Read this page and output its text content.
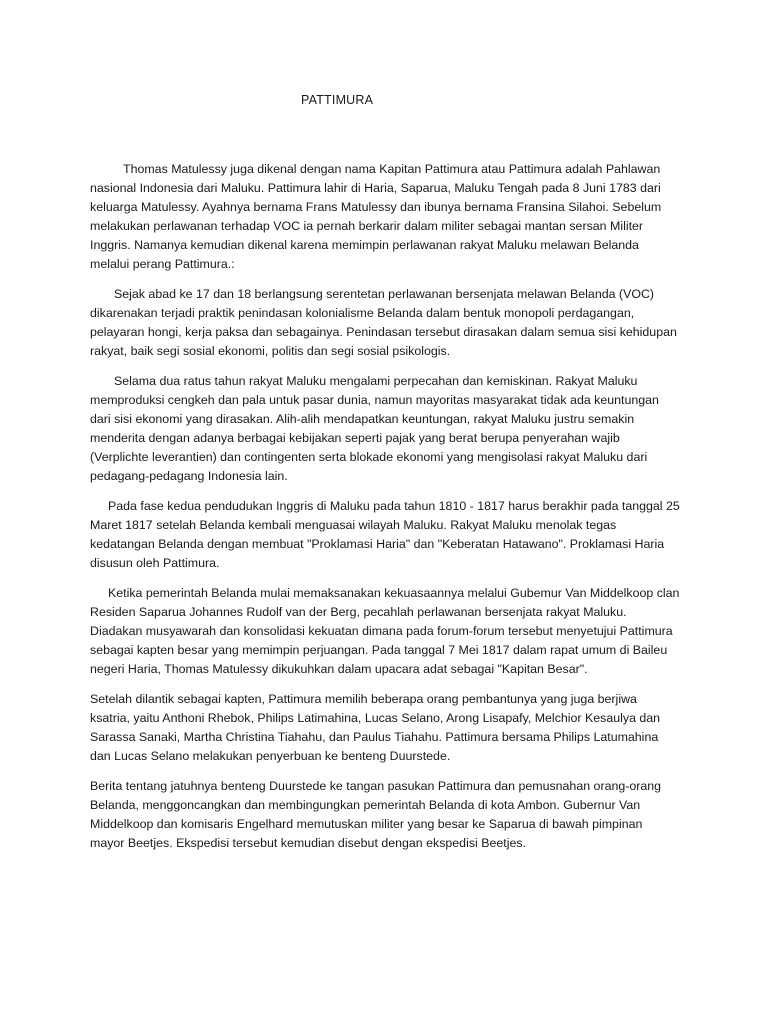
PATTIMURA

Thomas Matulessy juga dikenal dengan nama Kapitan Pattimura atau Pattimura adalah Pahlawan nasional Indonesia dari Maluku. Pattimura lahir di Haria, Saparua, Maluku Tengah pada 8 Juni 1783 dari keluarga Matulessy. Ayahnya bernama Frans Matulessy dan ibunya bernama Fransina Silahoi. Sebelum melakukan perlawanan terhadap VOC ia pernah berkarir dalam militer sebagai mantan sersan Militer Inggris. Namanya kemudian dikenal karena memimpin perlawanan rakyat Maluku melawan Belanda melalui perang Pattimura.:

Sejak abad ke 17 dan 18 berlangsung serentetan perlawanan bersenjata melawan Belanda (VOC) dikarenakan terjadi praktik penindasan kolonialisme Belanda dalam bentuk monopoli perdagangan, pelayaran hongi, kerja paksa dan sebagainya. Penindasan tersebut dirasakan dalam semua sisi kehidupan rakyat, baik segi sosial ekonomi, politis dan segi sosial psikologis.

Selama dua ratus tahun rakyat Maluku mengalami perpecahan dan kemiskinan. Rakyat Maluku memproduksi cengkeh dan pala untuk pasar dunia, namun mayoritas masyarakat tidak ada keuntungan dari sisi ekonomi yang dirasakan. Alih-alih mendapatkan keuntungan, rakyat Maluku justru semakin menderita dengan adanya berbagai kebijakan seperti pajak yang berat berupa penyerahan wajib (Verplichte leverantien) dan contingenten serta blokade ekonomi yang mengisolasi rakyat Maluku dari pedagang-pedagang Indonesia lain.

Pada fase kedua pendudukan Inggris di Maluku pada tahun 1810 - 1817 harus berakhir pada tanggal 25 Maret 1817 setelah Belanda kembali menguasai wilayah Maluku. Rakyat Maluku menolak tegas kedatangan Belanda dengan membuat "Proklamasi Haria" dan "Keberatan Hatawano". Proklamasi Haria disusun oleh Pattimura.

Ketika pemerintah Belanda mulai memaksanakan kekuasaannya melalui Gubemur Van Middelkoop clan Residen Saparua Johannes Rudolf van der Berg, pecahlah perlawanan bersenjata rakyat Maluku. Diadakan musyawarah dan konsolidasi kekuatan dimana pada forum-forum tersebut menyetujui Pattimura sebagai kapten besar yang memimpin perjuangan. Pada tanggal 7 Mei 1817 dalam rapat umum di Baileu negeri Haria, Thomas Matulessy dikukuhkan dalam upacara adat sebagai "Kapitan Besar".

Setelah dilantik sebagai kapten, Pattimura memilih beberapa orang pembantunya yang juga berjiwa ksatria, yaitu Anthoni Rhebok, Philips Latimahina, Lucas Selano, Arong Lisapafy, Melchior Kesaulya dan Sarassa Sanaki, Martha Christina Tiahahu, dan Paulus Tiahahu. Pattimura bersama Philips Latumahina dan Lucas Selano melakukan penyerbuan ke benteng Duurstede.

Berita tentang jatuhnya benteng Duurstede ke tangan pasukan Pattimura dan pemusnahan orang-orang Belanda, menggoncangkan dan membingungkan pemerintah Belanda di kota Ambon. Gubernur Van Middelkoop dan komisaris Engelhard memutuskan militer yang besar ke Saparua di bawah pimpinan mayor Beetjes. Ekspedisi tersebut kemudian disebut dengan ekspedisi Beetjes.
